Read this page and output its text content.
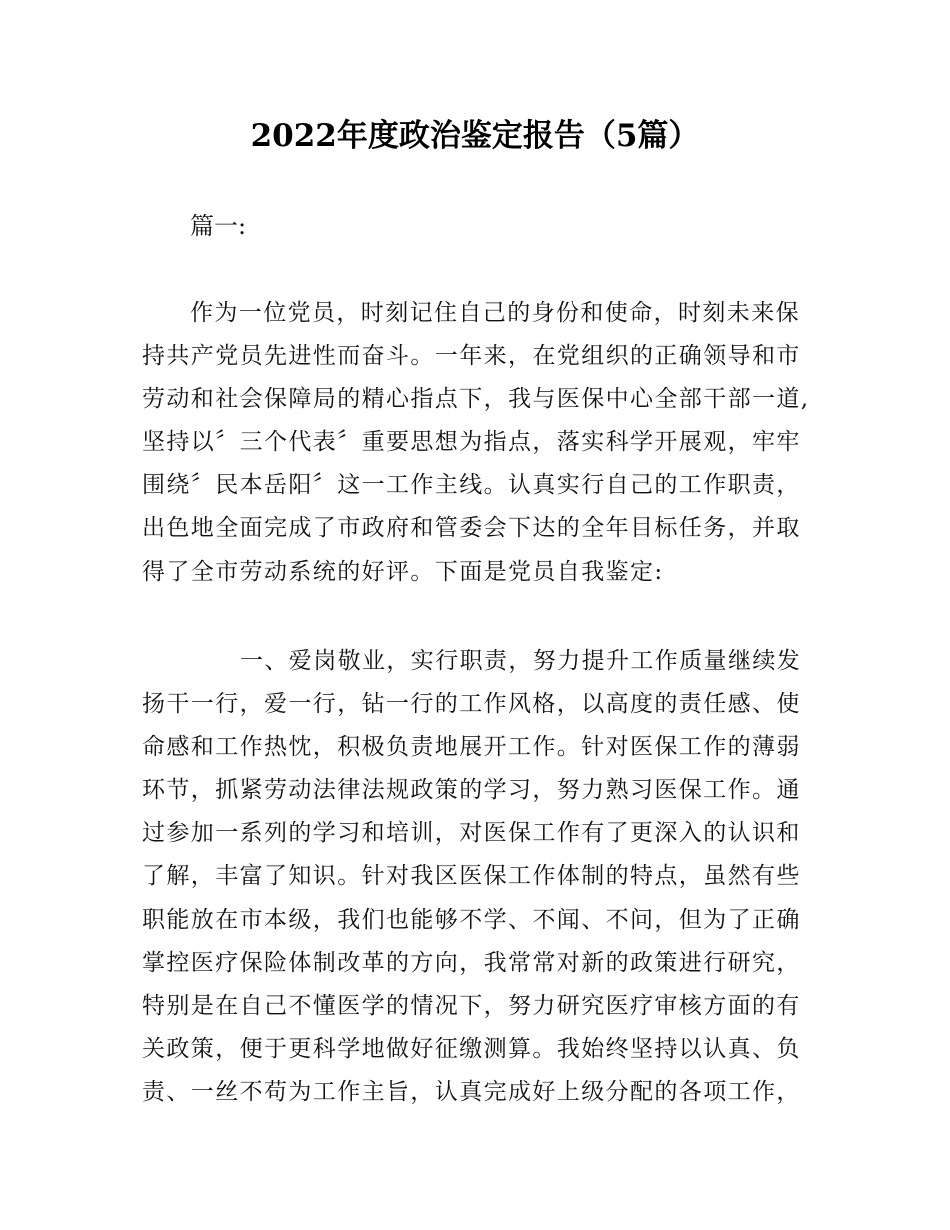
2022年度政治鉴定报告（5篇）

篇一:

作为一位党员，时刻记住自己的身份和使命，时刻未来保
持共产党员先进性而奋斗。一年来，在党组织的正确领导和市
劳动和社会保障局的精心指点下，我与医保中心全部干部一道,
坚持以〞三个代表〞重要思想为指点，落实科学开展观，牢牢
围绕〞民本岳阳〞这一工作主线。认真实行自己的工作职责，
出色地全面完成了市政府和管委会下达的全年目标任务，并取
得了全市劳动系统的好评。下面是党员自我鉴定:

一、爱岗敬业，实行职责，努力提升工作质量继续发
扬干一行，爱一行，钻一行的工作风格，以高度的责任感、使
命感和工作热忱，积极负责地展开工作。针对医保工作的薄弱
环节，抓紧劳动法律法规政策的学习，努力熟习医保工作。通
过参加一系列的学习和培训，对医保工作有了更深入的认识和
了解，丰富了知识。针对我区医保工作体制的特点，虽然有些
职能放在市本级，我们也能够不学、不闻、不问，但为了正确
掌控医疗保险体制改革的方向，我常常对新的政策进行研究，
特别是在自己不懂医学的情况下，努力研究医疗审核方面的有
关政策，便于更科学地做好征缴测算。我始终坚持以认真、负
责、一丝不苟为工作主旨，认真完成好上级分配的各项工作，
